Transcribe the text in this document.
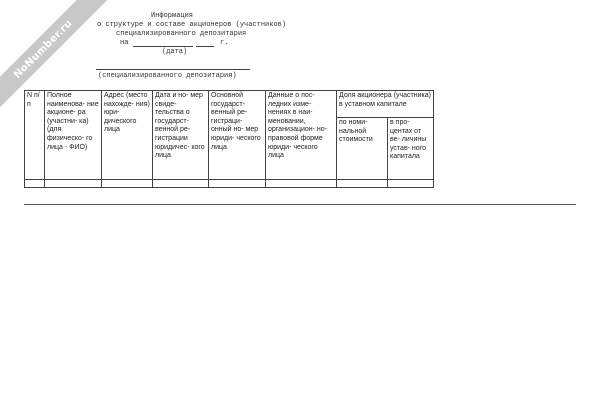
NoNumber.ru
Информация
о структуре и составе акционеров (участников)
специализированного депозитария
на	г.
(дата)
(специализированного депозитария)
N п/п	Полное наименова- ние акционе- ра (участни- ка) (для физическо- го лица - ФИО)	Адрес (место нахожде- ния) юри- дического лица	Дата и но- мер свиде- тельства о государст- венной ре- гистрации юридичес- кого лица	Основной государст- венный ре- гистраци- онный но- мер юриди- ческого лица	Данные о пос- ледних изме- нениях в наи- меновании, организацион- но-правовой форме юриди- ческого лица	Доля акционера (участника) в уставном капитале	
						по номи- нальной стоимости	в про- центах от ве- личины устав- ного капитала
